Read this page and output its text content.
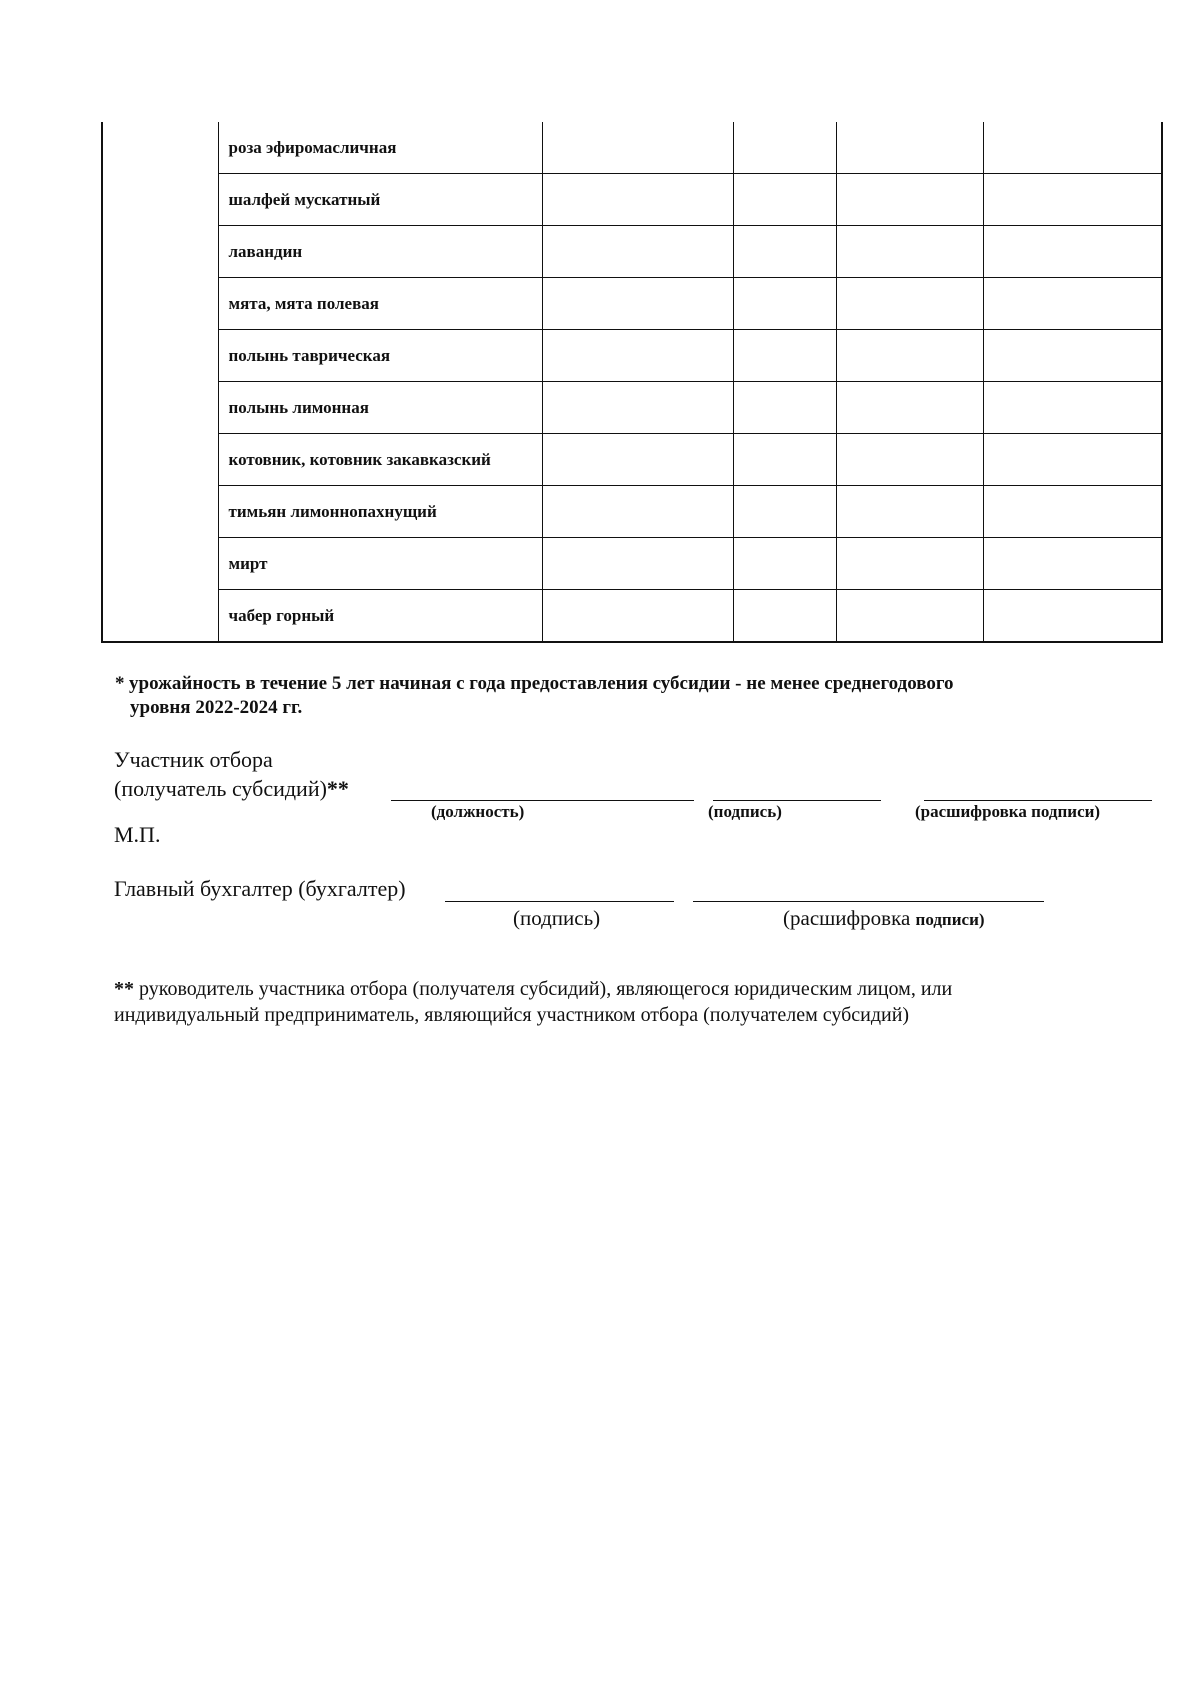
	роза эфиромасличная				
	шалфей мускатный				
	лавандин				
	мята, мята полевая				
	полынь таврическая				
	полынь лимонная				
	котовник, котовник закавказский				
	тимьян лимоннопахнущий				
	мирт				
	чабер горный				
* урожайность в течение 5 лет начиная с года предоставления субсидии - не менее среднегодового
уровня 2022-2024 гг.
Участник отбора
(получатель субсидий)**
(должность)	(подпись)	(расшифровка подписи)
М.П.
Главный бухгалтер (бухгалтер)
(подпись)	(расшифровка подписи)
** руководитель участника отбора (получателя субсидий), являющегося юридическим лицом, или
индивидуальный предприниматель, являющийся участником отбора (получателем субсидий)
